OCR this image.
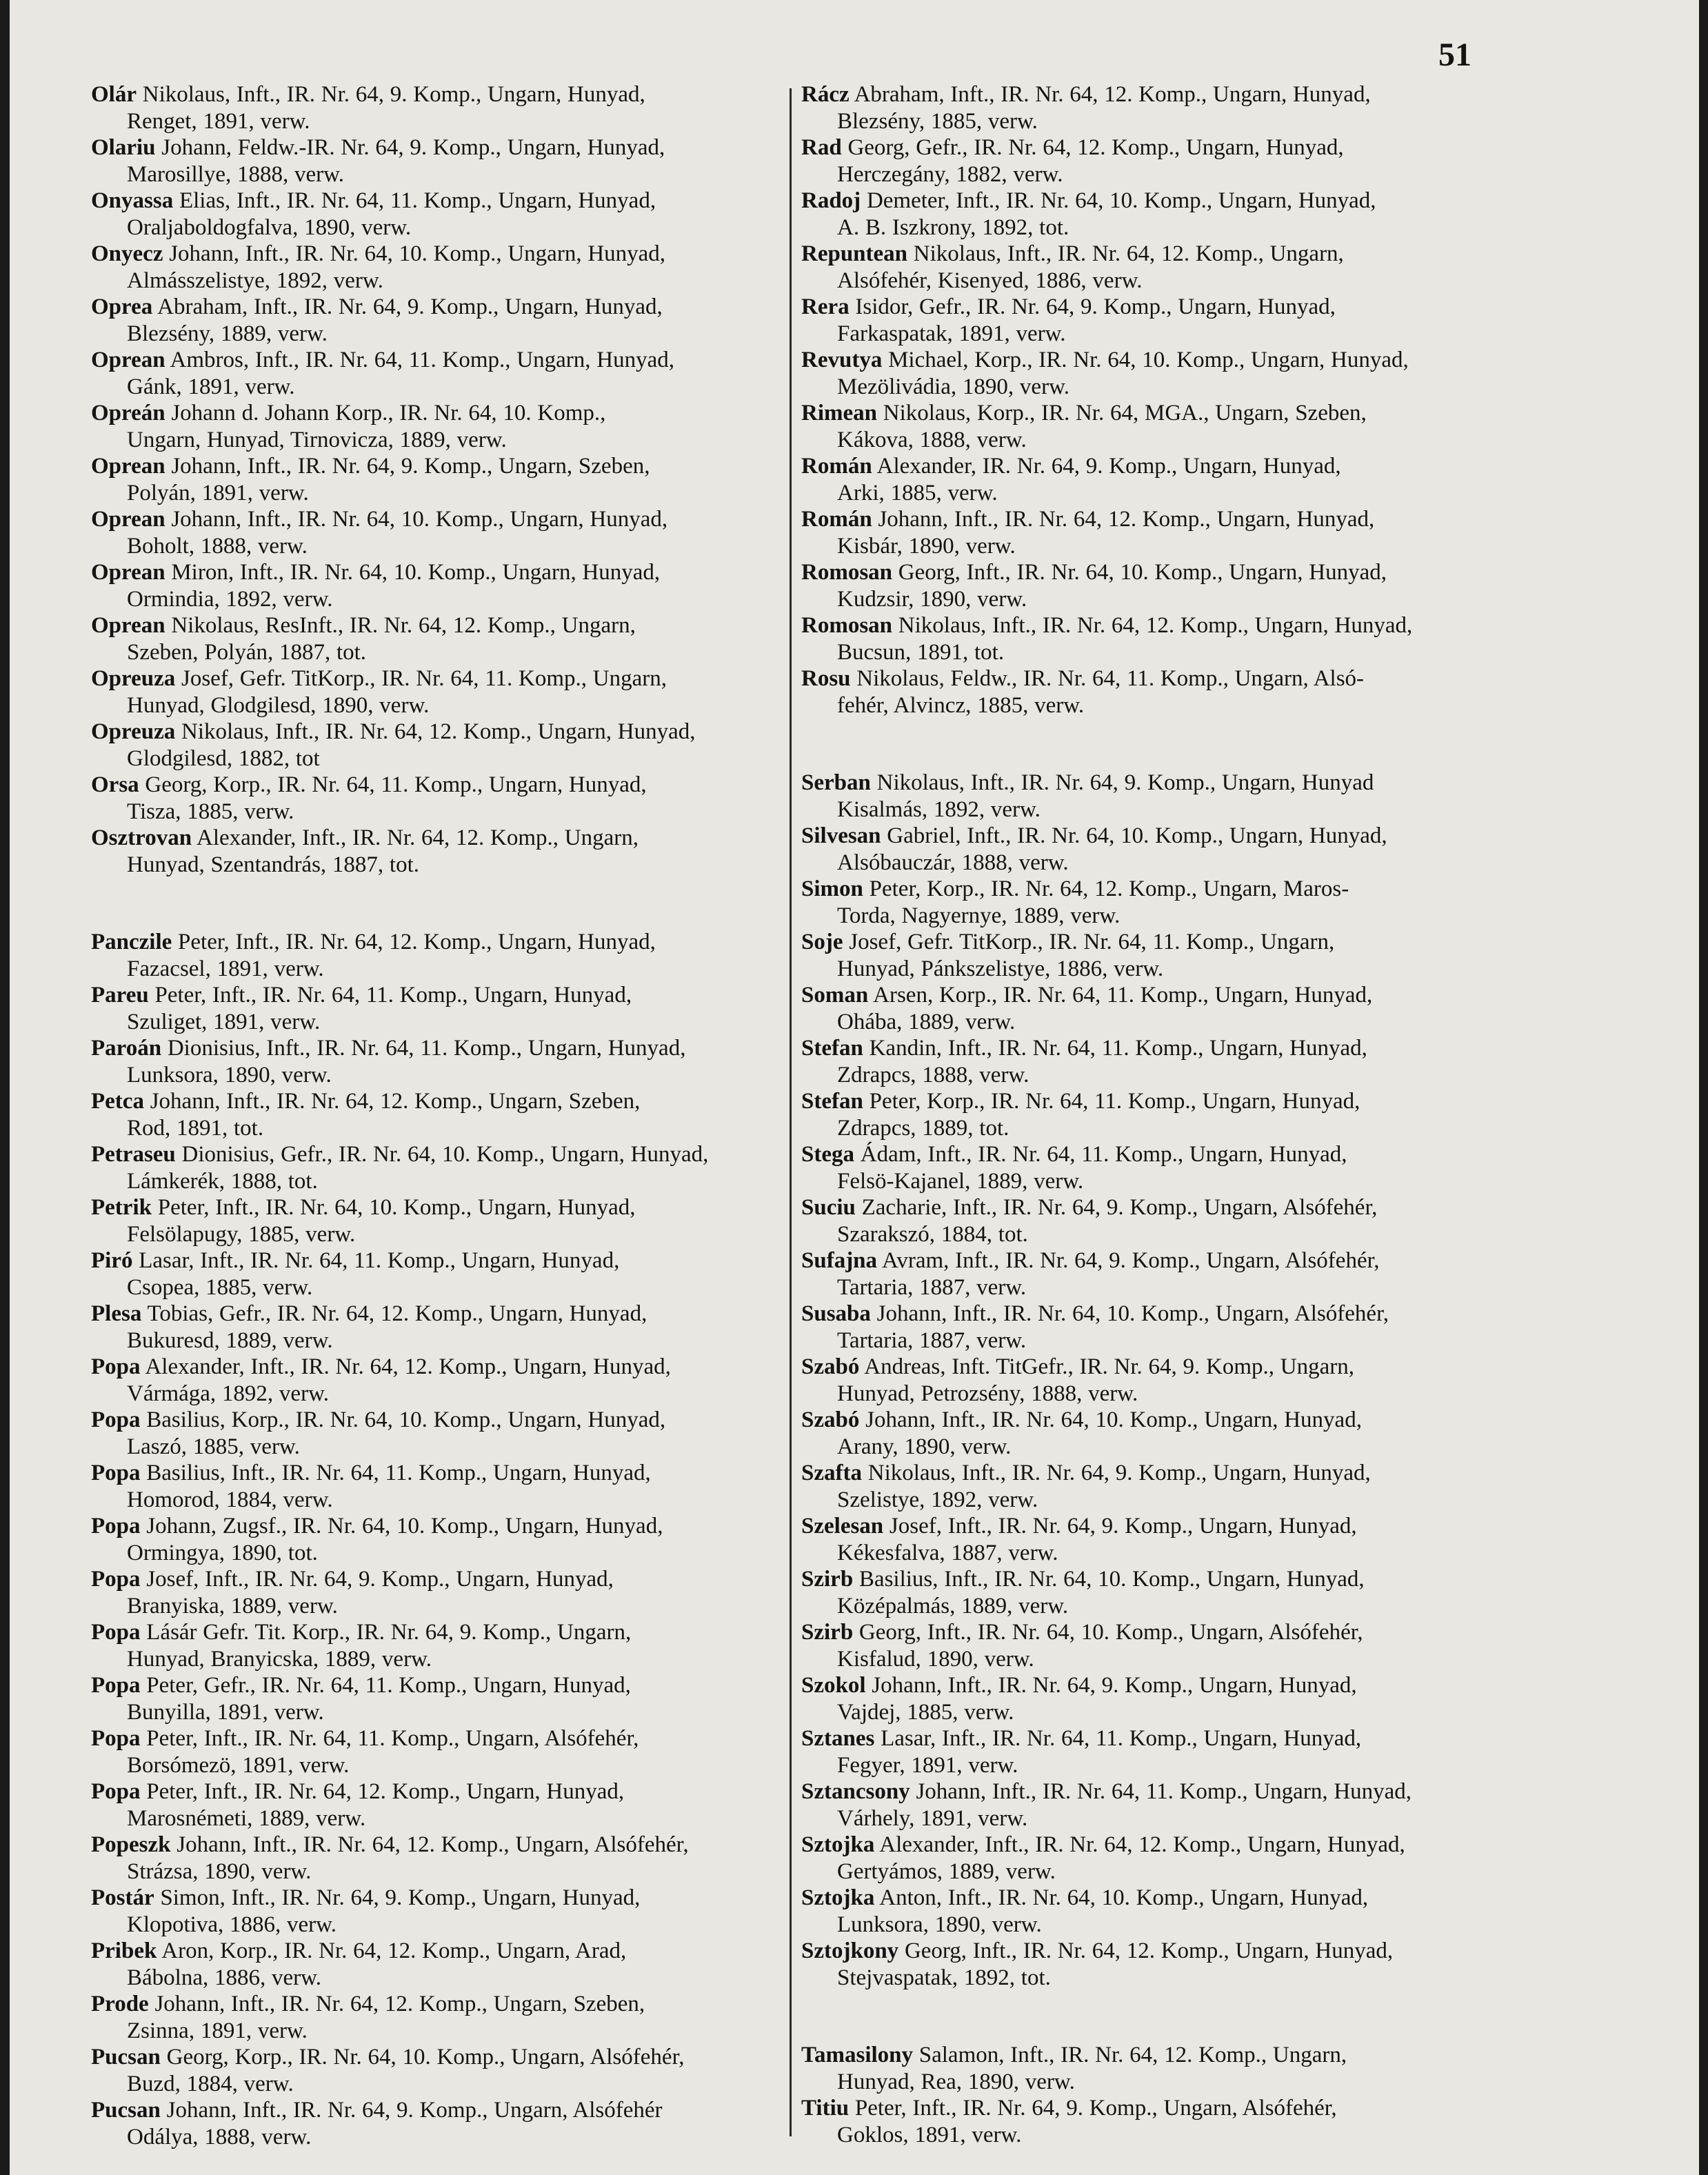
51
Olár Nikolaus, Inft., IR. Nr. 64, 9. Komp., Ungarn, Hunyad,
Renget, 1891, verw.
Olariu Johann, Feldw.-IR. Nr. 64, 9. Komp., Ungarn, Hunyad,
Marosillye, 1888, verw.
Onyassa Elias, Inft., IR. Nr. 64, 11. Komp., Ungarn, Hunyad,
Oraljaboldogfalva, 1890, verw.
Onyecz Johann, Inft., IR. Nr. 64, 10. Komp., Ungarn, Hunyad,
Almásszelistye, 1892, verw.
Oprea Abraham, Inft., IR. Nr. 64, 9. Komp., Ungarn, Hunyad,
Blezsény, 1889, verw.
Oprean Ambros, Inft., IR. Nr. 64, 11. Komp., Ungarn, Hunyad,
Gánk, 1891, verw.
Opreán Johann d. Johann Korp., IR. Nr. 64, 10. Komp.,
Ungarn, Hunyad, Tirnovicza, 1889, verw.
Oprean Johann, Inft., IR. Nr. 64, 9. Komp., Ungarn, Szeben,
Polyán, 1891, verw.
Oprean Johann, Inft., IR. Nr. 64, 10. Komp., Ungarn, Hunyad,
Boholt, 1888, verw.
Oprean Miron, Inft., IR. Nr. 64, 10. Komp., Ungarn, Hunyad,
Ormindia, 1892, verw.
Oprean Nikolaus, ResInft., IR. Nr. 64, 12. Komp., Ungarn,
Szeben, Polyán, 1887, tot.
Opreuza Josef, Gefr. TitKorp., IR. Nr. 64, 11. Komp., Ungarn,
Hunyad, Glodgilesd, 1890, verw.
Opreuza Nikolaus, Inft., IR. Nr. 64, 12. Komp., Ungarn, Hunyad,
Glodgilesd, 1882, tot
Orsa Georg, Korp., IR. Nr. 64, 11. Komp., Ungarn, Hunyad,
Tisza, 1885, verw.
Osztrovan Alexander, Inft., IR. Nr. 64, 12. Komp., Ungarn,
Hunyad, Szentandrás, 1887, tot.
Panczile Peter, Inft., IR. Nr. 64, 12. Komp., Ungarn, Hunyad,
Fazacsel, 1891, verw.
Pareu Peter, Inft., IR. Nr. 64, 11. Komp., Ungarn, Hunyad,
Szuliget, 1891, verw.
Paroán Dionisius, Inft., IR. Nr. 64, 11. Komp., Ungarn, Hunyad,
Lunksora, 1890, verw.
Petca Johann, Inft., IR. Nr. 64, 12. Komp., Ungarn, Szeben,
Rod, 1891, tot.
Petraseu Dionisius, Gefr., IR. Nr. 64, 10. Komp., Ungarn, Hunyad,
Lámkerék, 1888, tot.
Petrik Peter, Inft., IR. Nr. 64, 10. Komp., Ungarn, Hunyad,
Felsölapugy, 1885, verw.
Piró Lasar, Inft., IR. Nr. 64, 11. Komp., Ungarn, Hunyad,
Csopea, 1885, verw.
Plesa Tobias, Gefr., IR. Nr. 64, 12. Komp., Ungarn, Hunyad,
Bukuresd, 1889, verw.
Popa Alexander, Inft., IR. Nr. 64, 12. Komp., Ungarn, Hunyad,
Vármága, 1892, verw.
Popa Basilius, Korp., IR. Nr. 64, 10. Komp., Ungarn, Hunyad,
Laszó, 1885, verw.
Popa Basilius, Inft., IR. Nr. 64, 11. Komp., Ungarn, Hunyad,
Homorod, 1884, verw.
Popa Johann, Zugsf., IR. Nr. 64, 10. Komp., Ungarn, Hunyad,
Ormingya, 1890, tot.
Popa Josef, Inft., IR. Nr. 64, 9. Komp., Ungarn, Hunyad,
Branyiska, 1889, verw.
Popa Lásár Gefr. Tit. Korp., IR. Nr. 64, 9. Komp., Ungarn,
Hunyad, Branyicska, 1889, verw.
Popa Peter, Gefr., IR. Nr. 64, 11. Komp., Ungarn, Hunyad,
Bunyilla, 1891, verw.
Popa Peter, Inft., IR. Nr. 64, 11. Komp., Ungarn, Alsófehér,
Borsómezö, 1891, verw.
Popa Peter, Inft., IR. Nr. 64, 12. Komp., Ungarn, Hunyad,
Marosnémeti, 1889, verw.
Popeszk Johann, Inft., IR. Nr. 64, 12. Komp., Ungarn, Alsófehér,
Strázsa, 1890, verw.
Postár Simon, Inft., IR. Nr. 64, 9. Komp., Ungarn, Hunyad,
Klopotiva, 1886, verw.
Pribek Aron, Korp., IR. Nr. 64, 12. Komp., Ungarn, Arad,
Bábolna, 1886, verw.
Prode Johann, Inft., IR. Nr. 64, 12. Komp., Ungarn, Szeben,
Zsinna, 1891, verw.
Pucsan Georg, Korp., IR. Nr. 64, 10. Komp., Ungarn, Alsófehér,
Buzd, 1884, verw.
Pucsan Johann, Inft., IR. Nr. 64, 9. Komp., Ungarn, Alsófehér
Odálya, 1888, verw.
Rácz Abraham, Inft., IR. Nr. 64, 12. Komp., Ungarn, Hunyad,
Blezsény, 1885, verw.
Rad Georg, Gefr., IR. Nr. 64, 12. Komp., Ungarn, Hunyad,
Herczegány, 1882, verw.
Radoj Demeter, Inft., IR. Nr. 64, 10. Komp., Ungarn, Hunyad,
A. B. Iszkrony, 1892, tot.
Repuntean Nikolaus, Inft., IR. Nr. 64, 12. Komp., Ungarn,
Alsófehér, Kisenyed, 1886, verw.
Rera Isidor, Gefr., IR. Nr. 64, 9. Komp., Ungarn, Hunyad,
Farkaspatak, 1891, verw.
Revutya Michael, Korp., IR. Nr. 64, 10. Komp., Ungarn, Hunyad,
Mezölivádia, 1890, verw.
Rimean Nikolaus, Korp., IR. Nr. 64, MGA., Ungarn, Szeben,
Kákova, 1888, verw.
Román Alexander, IR. Nr. 64, 9. Komp., Ungarn, Hunyad,
Arki, 1885, verw.
Román Johann, Inft., IR. Nr. 64, 12. Komp., Ungarn, Hunyad,
Kisbár, 1890, verw.
Romosan Georg, Inft., IR. Nr. 64, 10. Komp., Ungarn, Hunyad,
Kudzsir, 1890, verw.
Romosan Nikolaus, Inft., IR. Nr. 64, 12. Komp., Ungarn, Hunyad,
Bucsun, 1891, tot.
Rosu Nikolaus, Feldw., IR. Nr. 64, 11. Komp., Ungarn, Alsó-
fehér, Alvincz, 1885, verw.
Serban Nikolaus, Inft., IR. Nr. 64, 9. Komp., Ungarn, Hunyad
Kisalmás, 1892, verw.
Silvesan Gabriel, Inft., IR. Nr. 64, 10. Komp., Ungarn, Hunyad,
Alsóbauczár, 1888, verw.
Simon Peter, Korp., IR. Nr. 64, 12. Komp., Ungarn, Maros-
Torda, Nagyernye, 1889, verw.
Soje Josef, Gefr. TitKorp., IR. Nr. 64, 11. Komp., Ungarn,
Hunyad, Pánkszelistye, 1886, verw.
Soman Arsen, Korp., IR. Nr. 64, 11. Komp., Ungarn, Hunyad,
Ohába, 1889, verw.
Stefan Kandin, Inft., IR. Nr. 64, 11. Komp., Ungarn, Hunyad,
Zdrapcs, 1888, verw.
Stefan Peter, Korp., IR. Nr. 64, 11. Komp., Ungarn, Hunyad,
Zdrapcs, 1889, tot.
Stega Ádam, Inft., IR. Nr. 64, 11. Komp., Ungarn, Hunyad,
Felsö-Kajanel, 1889, verw.
Suciu Zacharie, Inft., IR. Nr. 64, 9. Komp., Ungarn, Alsófehér,
Szarakszó, 1884, tot.
Sufajna Avram, Inft., IR. Nr. 64, 9. Komp., Ungarn, Alsófehér,
Tartaria, 1887, verw.
Susaba Johann, Inft., IR. Nr. 64, 10. Komp., Ungarn, Alsófehér,
Tartaria, 1887, verw.
Szabó Andreas, Inft. TitGefr., IR. Nr. 64, 9. Komp., Ungarn,
Hunyad, Petrozsény, 1888, verw.
Szabó Johann, Inft., IR. Nr. 64, 10. Komp., Ungarn, Hunyad,
Arany, 1890, verw.
Szafta Nikolaus, Inft., IR. Nr. 64, 9. Komp., Ungarn, Hunyad,
Szelistye, 1892, verw.
Szelesan Josef, Inft., IR. Nr. 64, 9. Komp., Ungarn, Hunyad,
Kékesfalva, 1887, verw.
Szirb Basilius, Inft., IR. Nr. 64, 10. Komp., Ungarn, Hunyad,
Középalmás, 1889, verw.
Szirb Georg, Inft., IR. Nr. 64, 10. Komp., Ungarn, Alsófehér,
Kisfalud, 1890, verw.
Szokol Johann, Inft., IR. Nr. 64, 9. Komp., Ungarn, Hunyad,
Vajdej, 1885, verw.
Sztanes Lasar, Inft., IR. Nr. 64, 11. Komp., Ungarn, Hunyad,
Fegyer, 1891, verw.
Sztancsony Johann, Inft., IR. Nr. 64, 11. Komp., Ungarn, Hunyad,
Várhely, 1891, verw.
Sztojka Alexander, Inft., IR. Nr. 64, 12. Komp., Ungarn, Hunyad,
Gertyámos, 1889, verw.
Sztojka Anton, Inft., IR. Nr. 64, 10. Komp., Ungarn, Hunyad,
Lunksora, 1890, verw.
Sztojkony Georg, Inft., IR. Nr. 64, 12. Komp., Ungarn, Hunyad,
Stejvaspatak, 1892, tot.
Tamasilony Salamon, Inft., IR. Nr. 64, 12. Komp., Ungarn,
Hunyad, Rea, 1890, verw.
Titiu Peter, Inft., IR. Nr. 64, 9. Komp., Ungarn, Alsófehér,
Goklos, 1891, verw.
